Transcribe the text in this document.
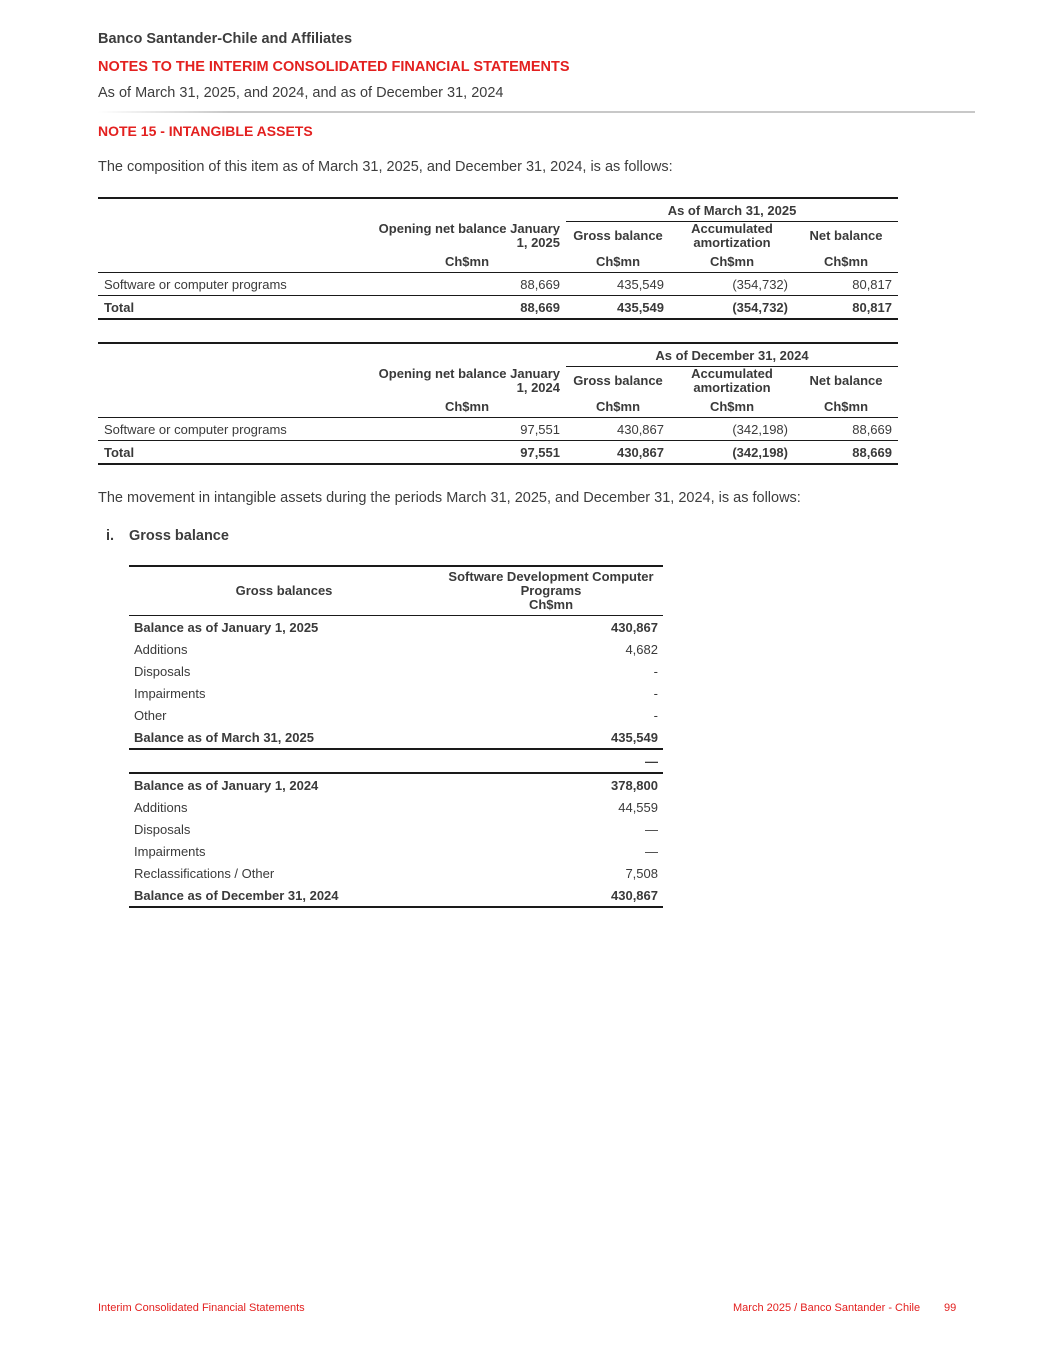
Banco Santander-Chile and Affiliates
NOTES TO THE INTERIM CONSOLIDATED FINANCIAL STATEMENTS
As of March 31, 2025, and 2024, and as of December 31, 2024
NOTE 15 - INTANGIBLE ASSETS
The composition of this item as of March 31, 2025, and December 31, 2024, is as follows:
		As of March 31, 2025		
	Opening net balance January 1, 2025	Gross balance	Accumulated amortization	Net balance
	Ch$mn	Ch$mn	Ch$mn	Ch$mn
Software or computer programs	88,669	435,549	(354,732)	80,817
Total	88,669	435,549	(354,732)	80,817
		As of December 31, 2024		
	Opening net balance January 1, 2024	Gross balance	Accumulated amortization	Net balance
	Ch$mn	Ch$mn	Ch$mn	Ch$mn
Software or computer programs	97,551	430,867	(342,198)	88,669
Total	97,551	430,867	(342,198)	88,669
The movement in intangible assets during the periods March 31, 2025, and December 31, 2024, is as follows:
i. Gross balance
Gross balances	Software Development Computer
Programs
Ch$mn

Balance as of January 1, 2025	430,867
Additions	4,682
Disposals	-
Impairments	-
Other	-
Balance as of March 31, 2025	435,549
	—
Balance as of January 1, 2024	378,800
Additions	44,559
Disposals	—
Impairments	—
Reclassifications / Other	7,508
Balance as of December 31, 2024	430,867
Interim Consolidated Financial Statements	March 2025 / Banco Santander - Chile 99
